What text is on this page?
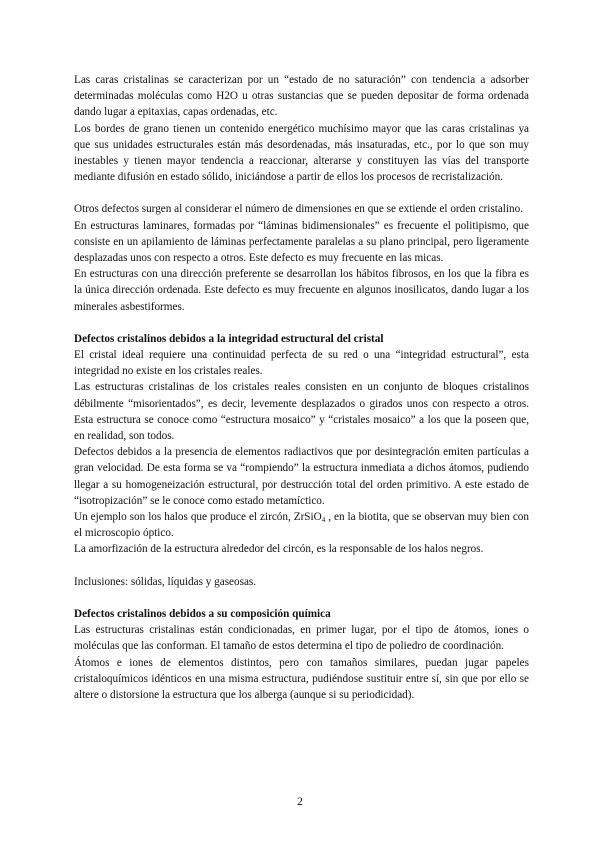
Las caras cristalinas se caracterizan por un “estado de no saturación” con tendencia a adsorber determinadas moléculas como H2O u otras sustancias que se pueden depositar de forma ordenada dando lugar a epitaxias, capas ordenadas, etc.

Los bordes de grano tienen un contenido energético muchísimo mayor que las caras cristalinas ya que sus unidades estructurales están más desordenadas, más insaturadas, etc., por lo que son muy inestables y tienen mayor tendencia a reaccionar, alterarse y constituyen las vías del transporte mediante difusión en estado sólido, iniciándose a partir de ellos los procesos de recristalización.

Otros defectos surgen al considerar el número de dimensiones en que se extiende el orden cristalino.

En estructuras laminares, formadas por “láminas bidimensionales” es frecuente el politipismo, que consiste en un apilamiento de láminas perfectamente paralelas a su plano principal, pero ligeramente desplazadas unos con respecto a otros. Este defecto es muy frecuente en las micas.

En estructuras con una dirección preferente se desarrollan los hábitos fibrosos, en los que la fibra es la única dirección ordenada. Este defecto es muy frecuente en algunos inosilicatos, dando lugar a los minerales asbestiformes.

Defectos cristalinos debidos a la integridad estructural del cristal

El cristal ideal requiere una continuidad perfecta de su red o una “integridad estructural”, esta integridad no existe en los cristales reales.

Las estructuras cristalinas de los cristales reales consisten en un conjunto de bloques cristalinos débilmente “misorientados”, es decir, levemente desplazados o girados unos con respecto a otros. Esta estructura se conoce como “estructura mosaico” y “cristales mosaico” a los que la poseen que, en realidad, son todos.

Defectos debidos a la presencia de elementos radiactivos que por desintegración emiten partículas a gran velocidad. De esta forma se va “rompiendo” la estructura inmediata a dichos átomos, pudiendo llegar a su homogeneización estructural, por destrucción total del orden primitivo. A este estado de “isotropización” se le conoce como estado metamíctico.

Un ejemplo son los halos que produce el zircón, ZrSiO$_4$ , en la biotita, que se observan muy bien con el microscopio óptico.

La amorfización de la estructura alrededor del circón, es la responsable de los halos negros.

Inclusiones: sólidas, líquidas y gaseosas.

Defectos cristalinos debidos a su composición química

Las estructuras cristalinas están condicionadas, en primer lugar, por el tipo de átomos, iones o moléculas que las conforman. El tamaño de estos determina el tipo de poliedro de coordinación.

Átomos e iones de elementos distintos, pero con tamaños similares, puedan jugar papeles cristaloquímicos idénticos en una misma estructura, pudiéndose sustituir entre sí, sin que por ello se altere o distorsione la estructura que los alberga (aunque si su periodicidad).

2
